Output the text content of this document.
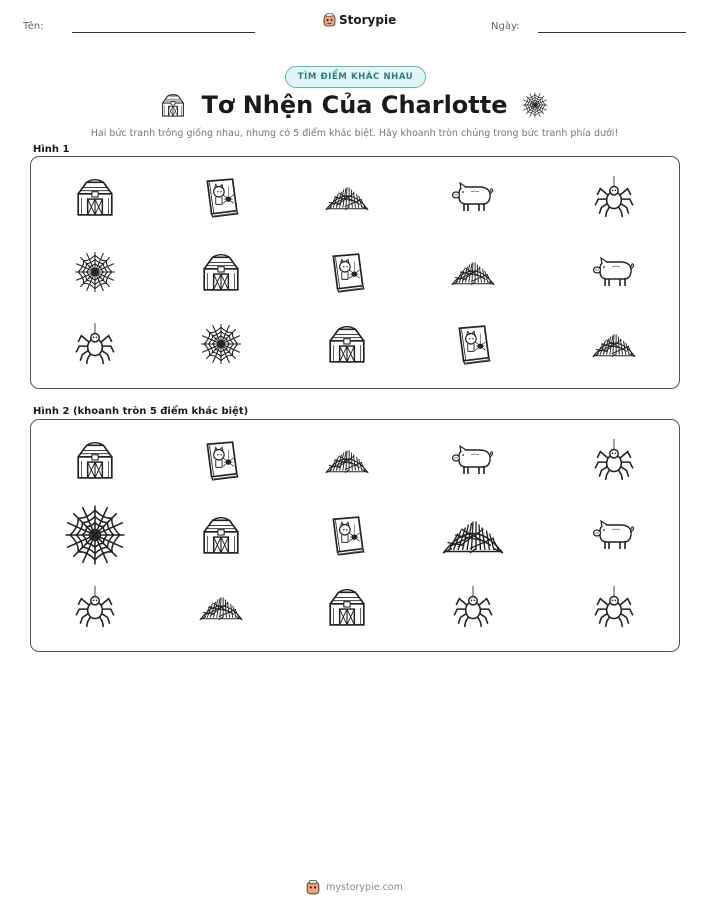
Tên:	Storypie	Ngày:
TÌM ĐIỂM KHÁC NHAU
Tơ Nhện Của Charlotte
Hai bức tranh trông giống nhau, nhưng có 5 điểm khác biệt. Hãy khoanh tròn chúng trong bức tranh phía dưới!
Hình 1
Hình 2 (khoanh tròn 5 điểm khác biệt)
mystorypie.com
